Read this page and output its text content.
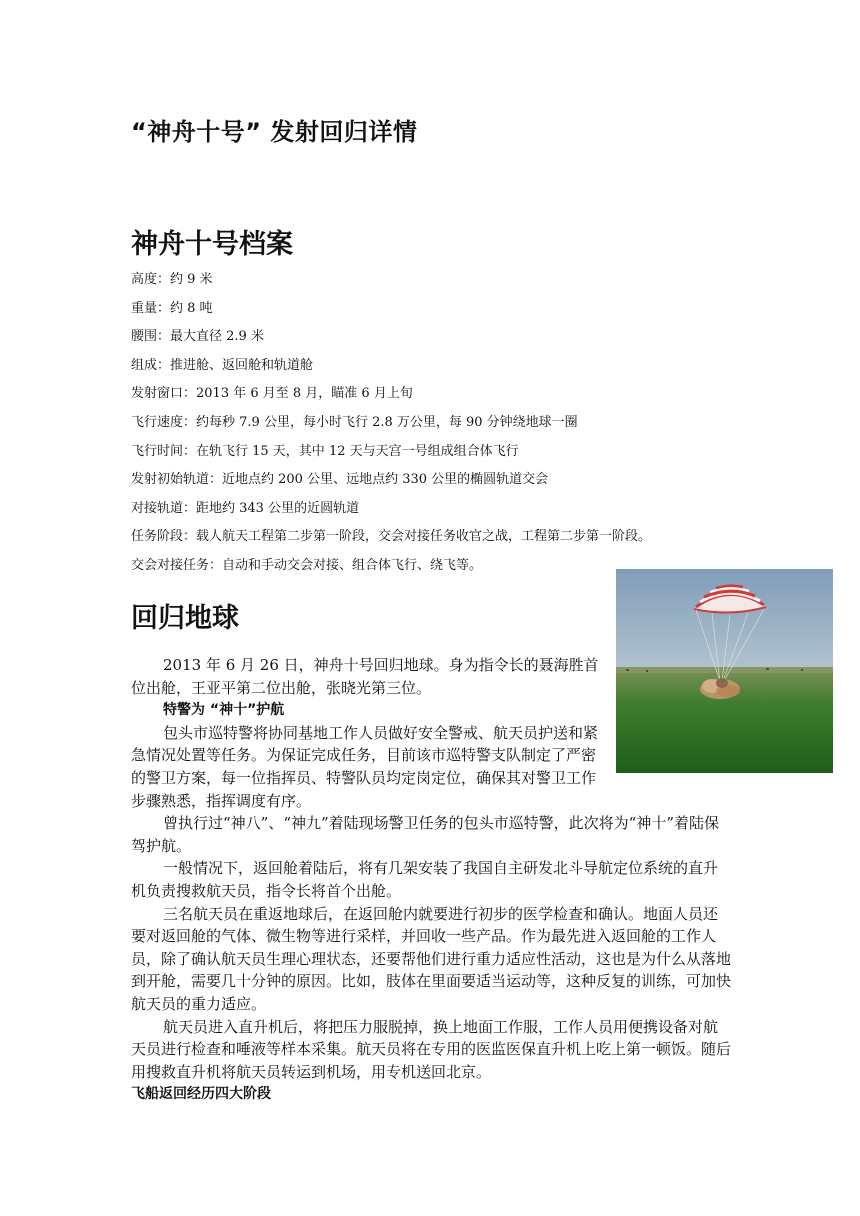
“神舟十号” 发射回归详情
神舟十号档案
高度：约 9 米
重量：约 8 吨
腰围：最大直径 2.9 米
组成：推进舱、返回舱和轨道舱
发射窗口：2013 年 6 月至 8 月，瞄准 6 月上旬
飞行速度：约每秒 7.9 公里，每小时飞行 2.8 万公里，每 90 分钟绕地球一圈
飞行时间：在轨飞行 15 天，其中 12 天与天宫一号组成组合体飞行
发射初始轨道：近地点约 200 公里、远地点约 330 公里的椭圆轨道交会
对接轨道：距地约 343 公里的近圆轨道
任务阶段：载人航天工程第二步第一阶段，交会对接任务收官之战，工程第二步第一阶段。
交会对接任务：自动和手动交会对接、组合体飞行、绕飞等。
回归地球

2013 年 6 月 26 日，神舟十号回归地球。身为指令长的聂海胜首位出舱，王亚平第二位出舱，张晓光第三位。

特警为 “神十”护航

包头市巡特警将协同基地工作人员做好安全警戒、航天员护送和紧急情况处置等任务。为保证完成任务，目前该市巡特警支队制定了严密的警卫方案，每一位指挥员、特警队员均定岗定位，确保其对警卫工作步骤熟悉，指挥调度有序。

曾执行过“神八”、“神九”着陆现场警卫任务的包头市巡特警，此次将为“神十”着陆保驾护航。

一般情况下，返回舱着陆后，将有几架安装了我国自主研发北斗导航定位系统的直升机负责搜救航天员，指令长将首个出舱。

三名航天员在重返地球后，在返回舱内就要进行初步的医学检查和确认。地面人员还要对返回舱的气体、微生物等进行采样，并回收一些产品。作为最先进入返回舱的工作人员，除了确认航天员生理心理状态，还要帮他们进行重力适应性活动，这也是为什么从落地到开舱，需要几十分钟的原因。比如，肢体在里面要适当运动等，这种反复的训练，可加快航天员的重力适应。

航天员进入直升机后，将把压力服脱掉，换上地面工作服，工作人员用便携设备对航天员进行检查和唾液等样本采集。航天员将在专用的医监医保直升机上吃上第一顿饭。随后用搜救直升机将航天员转运到机场，用专机送回北京。

飞船返回经历四大阶段
